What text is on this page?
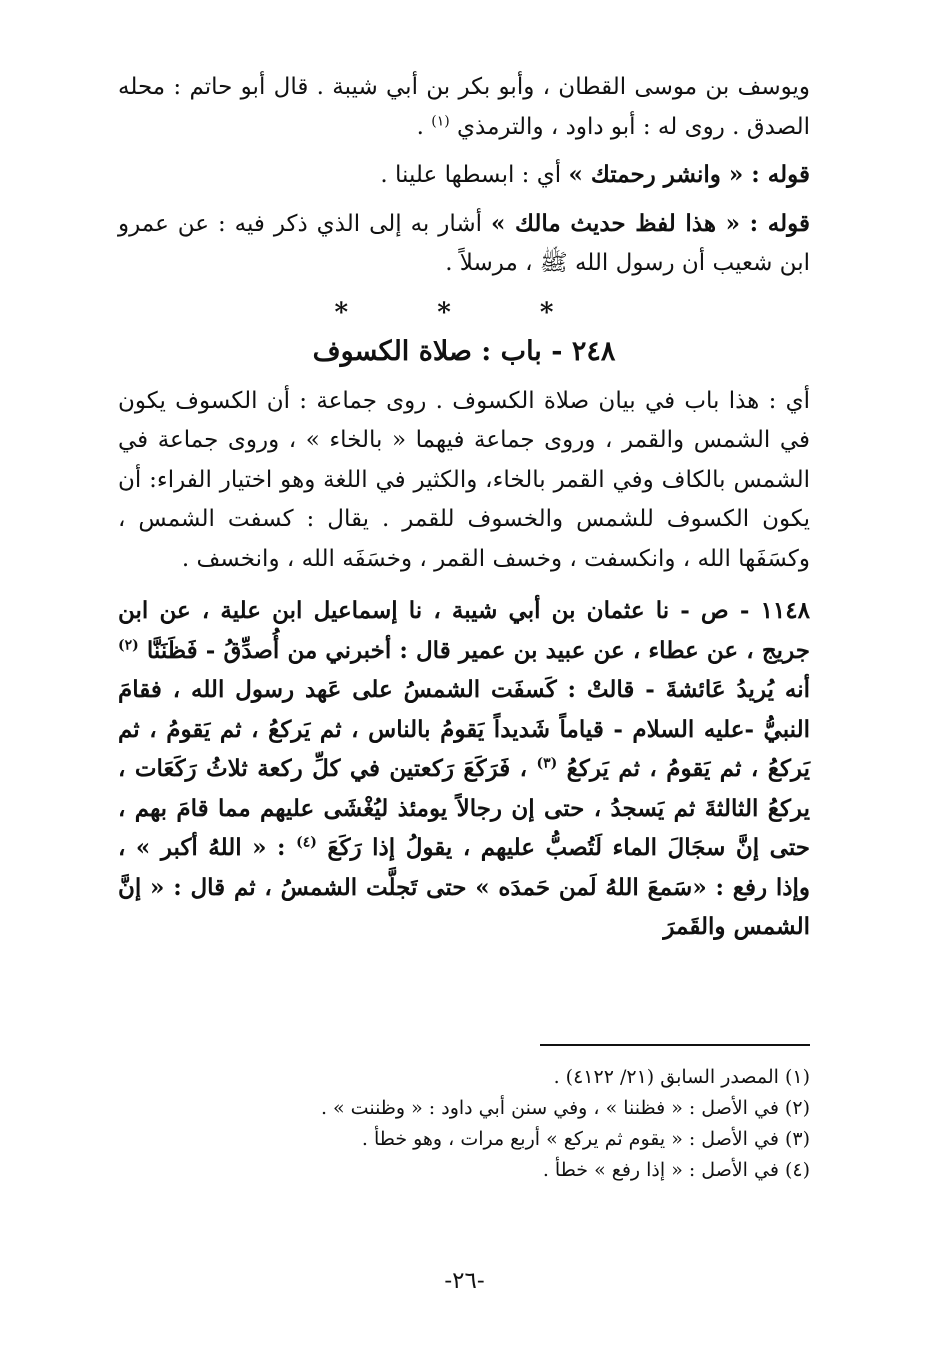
ويوسف بن موسى القطان ، وأبو بكر بن أبي شيبة . قال أبو حاتم : محله الصدق . روى له : أبو داود ، والترمذي $^{(١)}$ .

قوله : « وانشر رحمتك » أي : ابسطها علينا .

قوله : « هذا لفظ حديث مالك » أشار به إلى الذي ذكر فيه : عن عمرو ابن شعيب أن رسول الله ﷺ ، مرسلاً .

* * *
٢٤٨ - باب : صلاة الكسوف

أي : هذا باب في بيان صلاة الكسوف . روى جماعة : أن الكسوف يكون في الشمس والقمر ، وروى جماعة فيهما « بالخاء » ، وروى جماعة في الشمس بالكاف وفي القمر بالخاء، والكثير في اللغة وهو اختيار الفراء: أن يكون الكسوف للشمس والخسوف للقمر . يقال : كسفت الشمس ، وكسَفَها الله ، وانكسفت ، وخسف القمر ، وخسَفَه الله ، وانخسف .

١١٤٨ - ص - نا عثمان بن أبي شيبة ، نا إسماعيل ابن علية ، عن ابن جريج ، عن عطاء ، عن عبيد بن عمير قال : أخبرني من أُصدِّقُ - فَظَنَنَّا $^{(٢)}$ أنه يُريدُ عَائشةَ - قالتْ : كَسفَت الشمسُ على عَهد رسول الله ، فقامَ النبيُّ -عليه السلام - قياماً شَديداً يَقومُ بالناس ، ثم يَركعُ ، ثم يَقومُ ، ثم يَركعُ ، ثم يَقومُ ، ثم يَركعُ $^{(٣)}$ ، فَرَكَعَ رَكعتين في كلِّ ركعة ثلاثُ رَكَعَات ، يركعُ الثالثةَ ثم يَسجدُ ، حتى إن رجالاً يومئذ ليُغْشَى عليهم مما قامَ بهم ، حتى إنَّ سجَالَ الماء لَتُصبُّ عليهم ، يقولُ إذا رَكَعَ $^{(٤)}$ : « اللهُ أكبر » ، وإذا رفع : «سَمعَ اللهُ لَمن حَمدَه » حتى تَجلَّت الشمسُ ، ثم قال : « إنَّ الشمس والقَمرَ

(١) المصدر السابق (٢١/ ٤١٢٢) .

(٢) في الأصل : « فظننا » ، وفي سنن أبي داود : « وظننت » .

(٣) في الأصل : « يقوم ثم يركع » أربع مرات ، وهو خطأ .

(٤) في الأصل : « إذا رفع » خطأ .

-٢٦-
